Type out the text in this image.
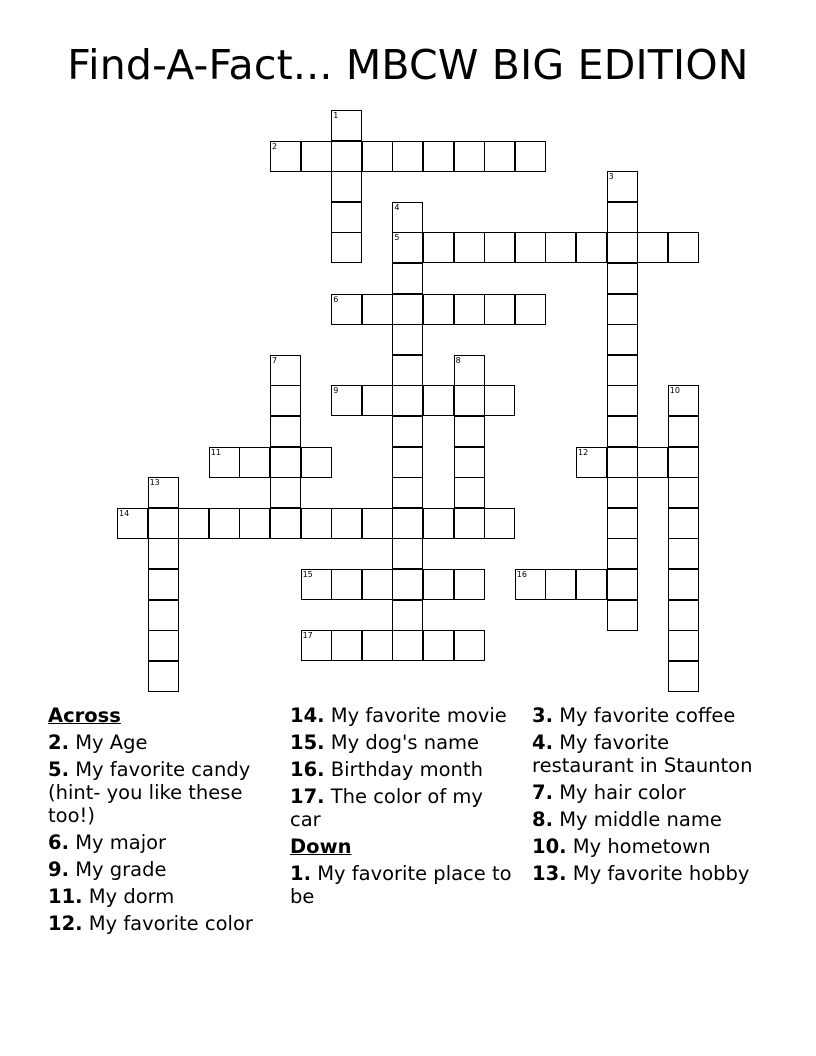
Find-A-Fact... MBCW BIG EDITION
2
5
6
9
11	12
14
15	16
17
1
3
4
7	8
10
13
Across

2. My Age

5. My favorite candy (hint- you like these too!)

6. My major

9. My grade

11. My dorm

12. My favorite color

14. My favorite movie

15. My dog's name

16. Birthday month

17. The color of my car

Down

1. My favorite place to be

3. My favorite coffee

4. My favorite restaurant in Staunton

7. My hair color

8. My middle name

10. My hometown

13. My favorite hobby
